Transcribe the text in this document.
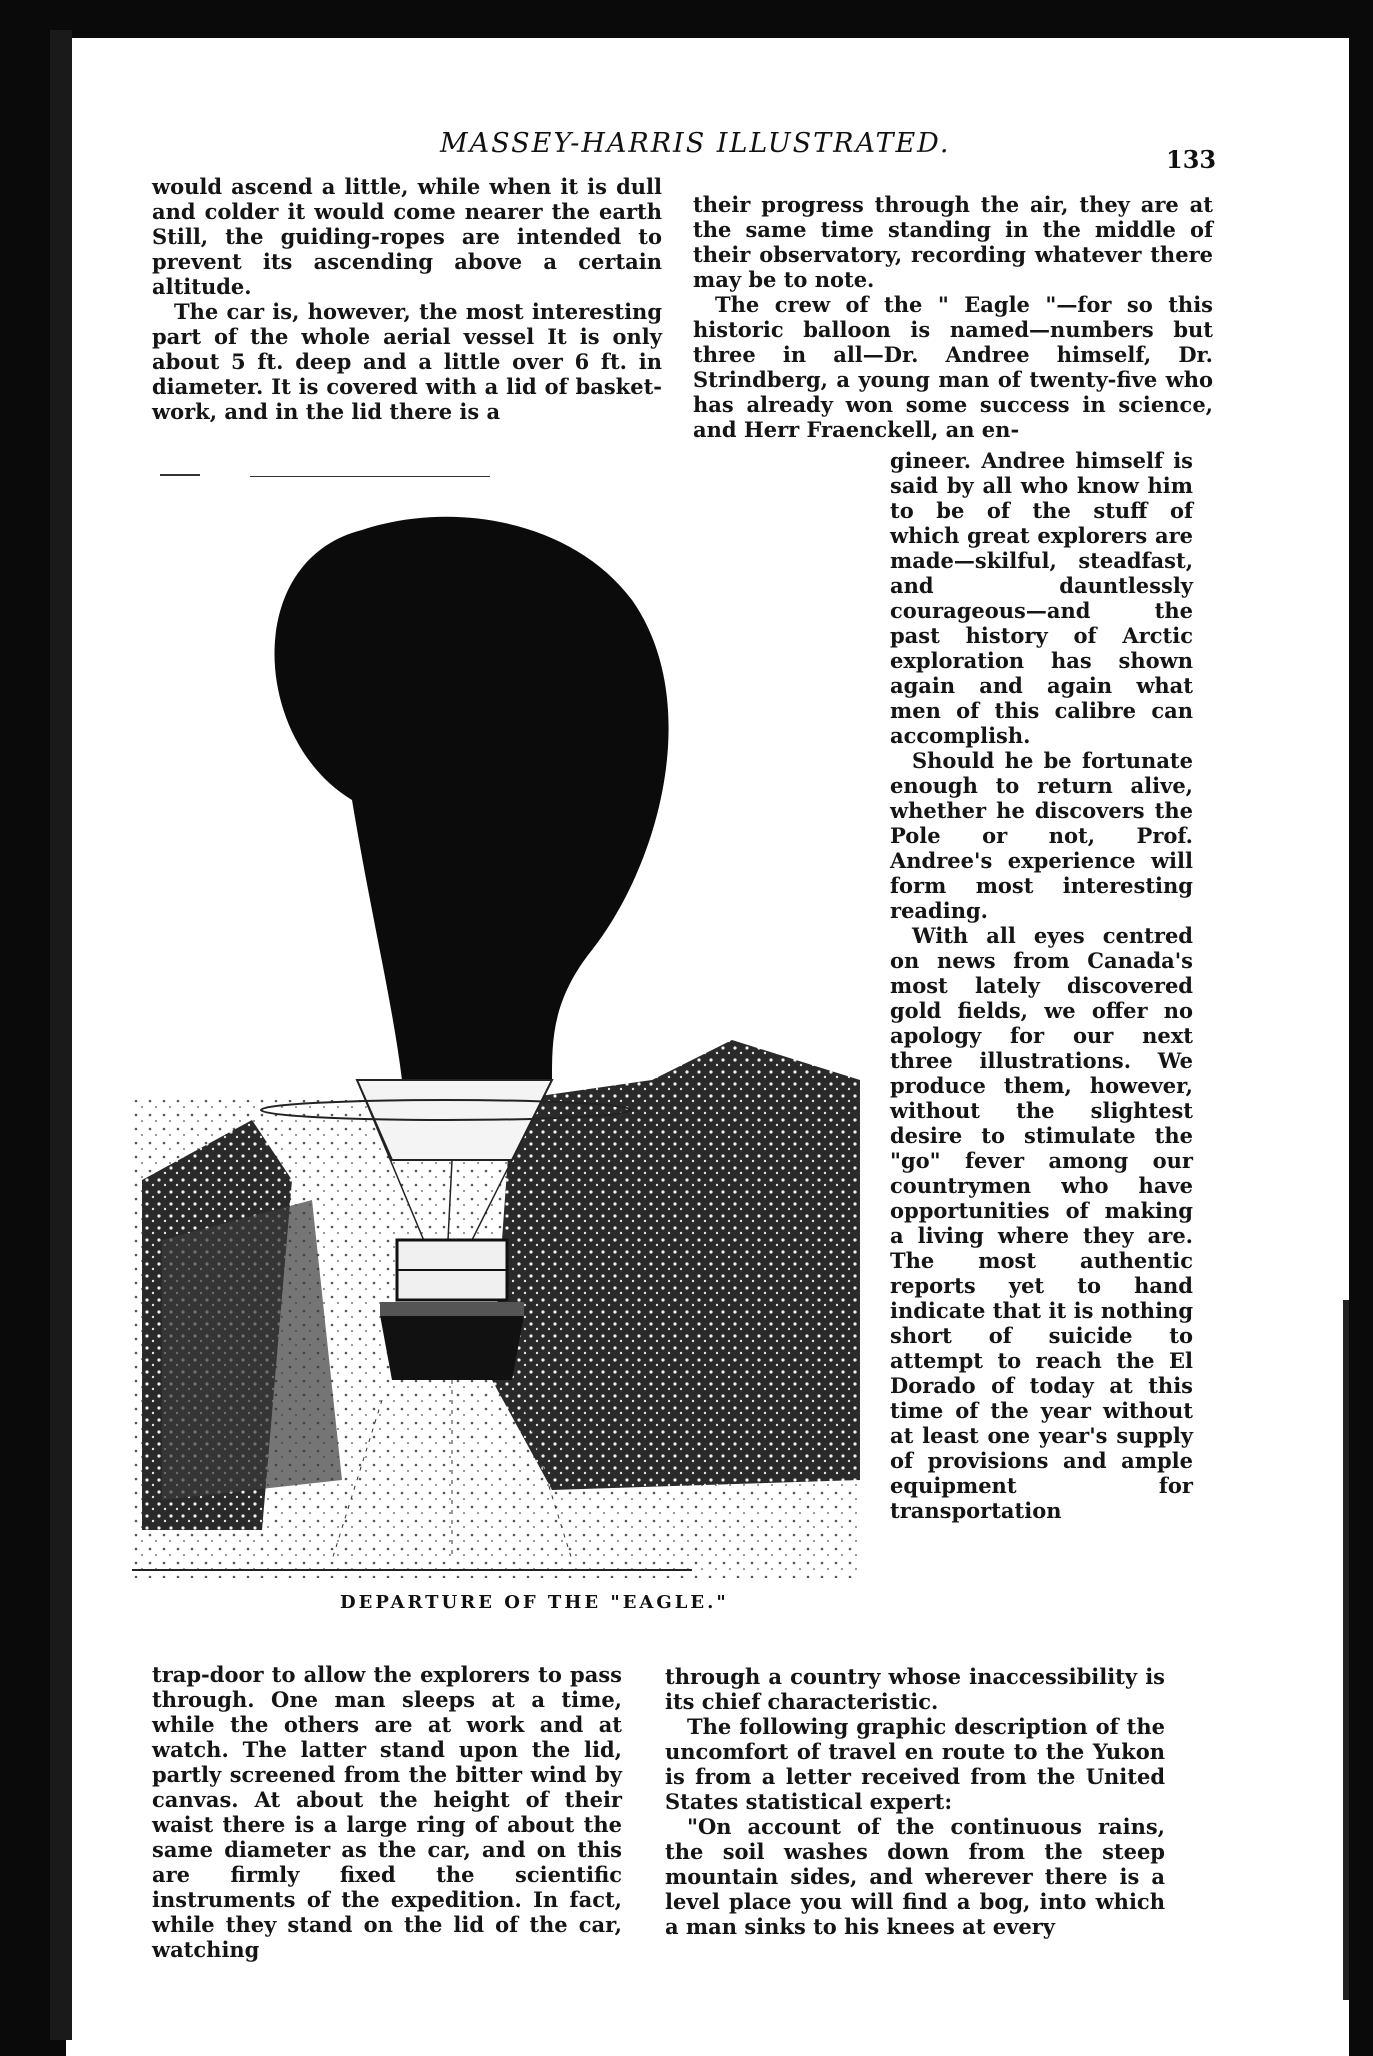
MASSEY-HARRIS ILLUSTRATED.
133

would ascend a little, while when it is dull and colder it would come nearer the earth Still, the guiding-ropes are intended to prevent its ascending above a certain altitude.

The car is, however, the most interesting part of the whole aerial vessel It is only about 5 ft. deep and a little over 6 ft. in diameter. It is covered with a lid of basket-work, and in the lid there is a

their progress through the air, they are at the same time standing in the middle of their observatory, recording whatever there may be to note.

The crew of the " Eagle "—for so this historic balloon is named—numbers but three in all—Dr. Andree himself, Dr. Strindberg, a young man of twenty-five who has already won some success in science, and Herr Fraenckell, an en-

gineer. Andree himself is said by all who know him to be of the stuff of which great explorers are made—skilful, steadfast, and dauntlessly courageous—and the past history of Arctic exploration has shown again and again what men of this calibre can accomplish.

Should he be fortunate enough to return alive, whether he discovers the Pole or not, Prof. Andree's experience will form most interesting reading.

With all eyes centred on news from Canada's most lately discovered gold fields, we offer no apology for our next three illustrations. We produce them, however, without the slightest desire to stimulate the "go" fever among our countrymen who have opportunities of making a living where they are. The most authentic reports yet to hand indicate that it is nothing short of suicide to attempt to reach the El Dorado of today at this time of the year without at least one year's supply of provisions and ample equipment for transportation

DEPARTURE OF THE "EAGLE."

trap-door to allow the explorers to pass through. One man sleeps at a time, while the others are at work and at watch. The latter stand upon the lid, partly screened from the bitter wind by canvas. At about the height of their waist there is a large ring of about the same diameter as the car, and on this are firmly fixed the scientific instruments of the expedition. In fact, while they stand on the lid of the car, watching

through a country whose inaccessibility is its chief characteristic.

The following graphic description of the uncomfort of travel en route to the Yukon is from a letter received from the United States statistical expert:

"On account of the continuous rains, the soil washes down from the steep mountain sides, and wherever there is a level place you will find a bog, into which a man sinks to his knees at every
